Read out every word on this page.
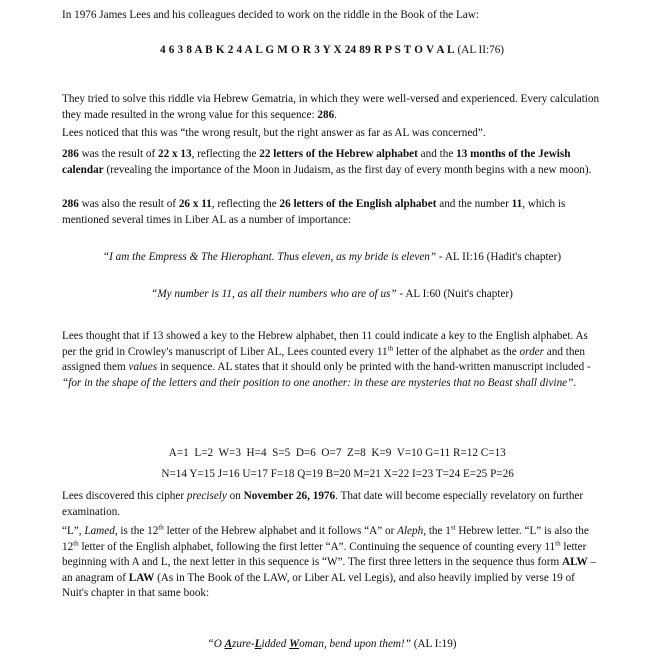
In 1976 James Lees and his colleagues decided to work on the riddle in the Book of the Law:

4 6 3 8 A B K 2 4 A L G M O R 3 Y X 24 89 R P S T O V A L (AL II:76)

They tried to solve this riddle via Hebrew Gematria, in which they were well-versed and experienced. Every calculation they made resulted in the wrong value for this sequence: 286.

Lees noticed that this was “the wrong result, but the right answer as far as AL was concerned”.

286 was the result of 22 x 13, reflecting the 22 letters of the Hebrew alphabet and the 13 months of the Jewish calendar (revealing the importance of the Moon in Judaism, as the first day of every month begins with a new moon).

286 was also the result of 26 x 11, reflecting the 26 letters of the English alphabet and the number 11, which is mentioned several times in Liber AL as a number of importance:

“I am the Empress & The Hierophant. Thus eleven, as my bride is eleven” - AL II:16 (Hadit's chapter)

“My number is 11, as all their numbers who are of us” - AL I:60 (Nuit's chapter)

Lees thought that if 13 showed a key to the Hebrew alphabet, then 11 could indicate a key to the English alphabet. As per the grid in Crowley's manuscript of Liber AL, Lees counted every 11th letter of the alphabet as the order and then assigned them values in sequence. AL states that it should only be printed with the hand-written manuscript included - “for in the shape of the letters and their position to one another: in these are mysteries that no Beast shall divine”.

A=1  L=2  W=3  H=4  S=5  D=6  O=7  Z=8  K=9  V=10 G=11 R=12 C=13

N=14 Y=15 J=16 U=17 F=18 Q=19 B=20 M=21 X=22 I=23 T=24 E=25 P=26

Lees discovered this cipher precisely on November 26, 1976. That date will become especially revelatory on further examination.

“L”, Lamed, is the 12th letter of the Hebrew alphabet and it follows “A” or Aleph, the 1st Hebrew letter. “L” is also the 12th letter of the English alphabet, following the first letter “A”. Continuing the sequence of counting every 11th letter beginning with A and L, the next letter in this sequence is “W”. The first three letters in the sequence thus form ALW – an anagram of LAW (As in The Book of the LAW, or Liber AL vel Legis), and also heavily implied by verse 19 of Nuit's chapter in that same book:

“O Azure-Lidded Woman, bend upon them!” (AL I:19)
